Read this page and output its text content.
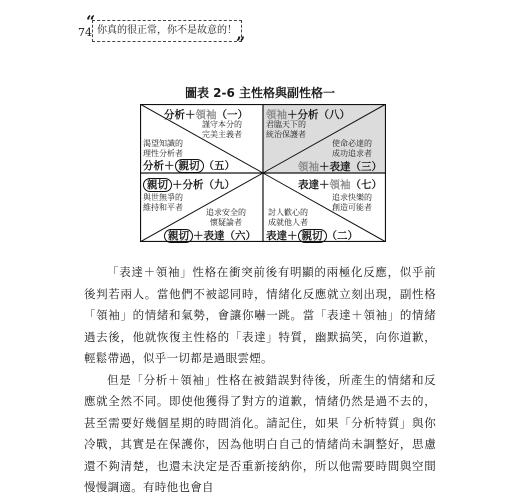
74
“ 你真的很正常，你不是故意的！
”
圖表 2-6 主性格與副性格一
分析＋領袖（一）
謹守本分的
完美主義者
渴望知識的
理性分析者
分析＋ 親切 （五）
領袖＋分析（八）
君臨天下的
統治保護者
使命必達的
成功追求者
領袖＋表達（三）
親切 ＋分析（九）
與世無爭的
維持和平者
追求安全的
懷疑論者
親切 ＋表達（六）
表達＋領袖（七）
追求快樂的
創造可能者
討人歡心的
成就他人者
表達＋ 親切 （二）

「表達＋領袖」性格在衝突前後有明顯的兩極化反應，似乎前後判若兩人。當他們不被認同時，情緒化反應就立刻出現，副性格「領袖」的情緒和氣勢，會讓你嚇一跳。當「表達＋領袖」的情緒過去後，他就恢復主性格的「表達」特質，幽默搞笑，向你道歉，輕鬆帶過，似乎一切都是過眼雲煙。

但是「分析＋領袖」性格在被錯誤對待後，所產生的情緒和反應就全然不同。即使他獲得了對方的道歉，情緒仍然是過不去的，甚至需要好幾個星期的時間消化。請記住，如果「分析特質」與你冷戰，其實是在保護你，因為他明白自己的情緒尚未調整好，思慮還不夠清楚，也還未決定是否重新接納你，所以他需要時間與空間慢慢調適。有時他也會自
